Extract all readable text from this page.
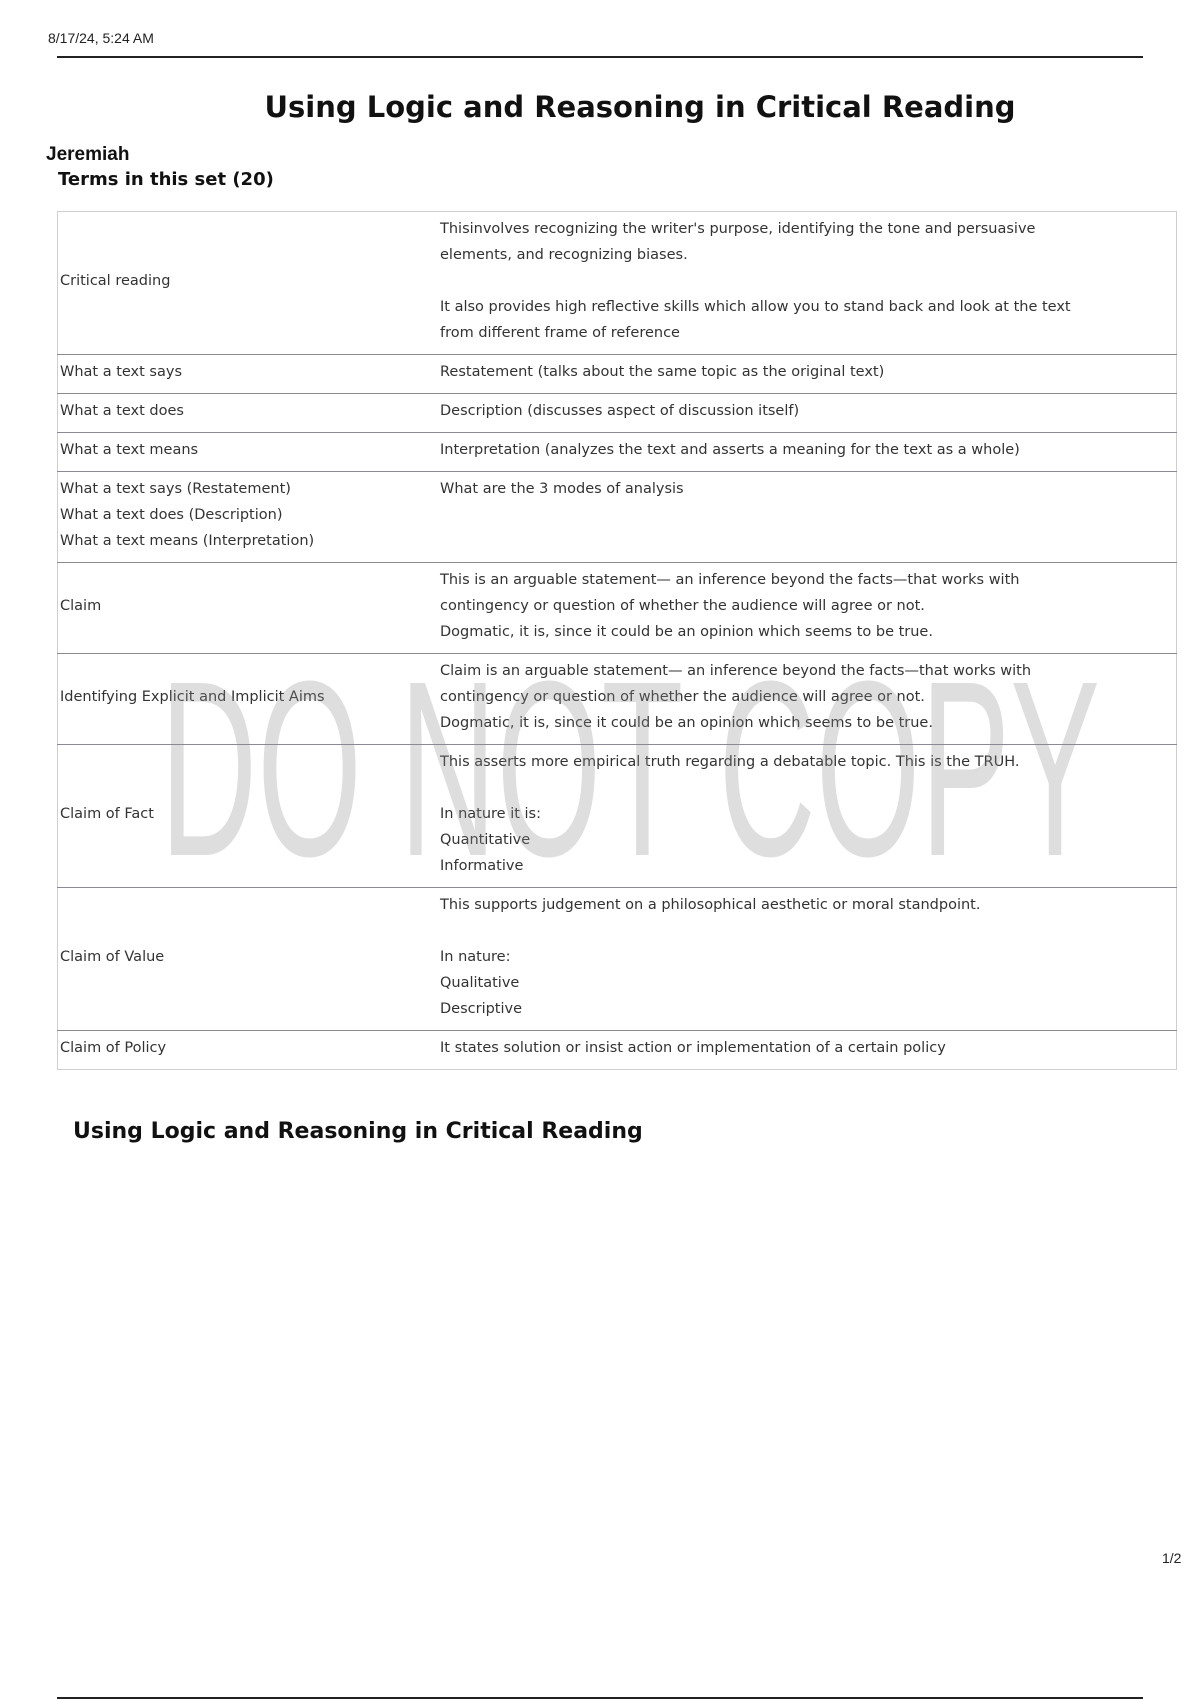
8/17/24, 5:24 AM
Using Logic and Reasoning in Critical Reading
Jeremiah
Terms in this set (20)
Critical reading	Thisinvolves recognizing the writer's purpose, identifying the tone and persuasive
elements, and recognizing biases.
It also provides high reflective skills which allow you to stand back and look at the text
from different frame of reference

What a text says	Restatement (talks about the same topic as the original text)

What a text does	Description (discusses aspect of discussion itself)

What a text means	Interpretation (analyzes the text and asserts a meaning for the text as a whole)

What a text says (Restatement)
What a text does (Description)
What a text means (Interpretation)	What are the 3 modes of analysis

Claim	This is an arguable statement— an inference beyond the facts—that works with
contingency or question of whether the audience will agree or not.
Dogmatic, it is, since it could be an opinion which seems to be true.

Identifying Explicit and Implicit Aims	Claim is an arguable statement— an inference beyond the facts—that works with
contingency or question of whether the audience will agree or not.
Dogmatic, it is, since it could be an opinion which seems to be true.

Claim of Fact	This asserts more empirical truth regarding a debatable topic. This is the TRUH.
In nature it is:
Quantitative
Informative

Claim of Value	This supports judgement on a philosophical aesthetic or moral standpoint.
In nature:
Qualitative
Descriptive

Claim of Policy	It states solution or insist action or implementation of a certain policy
DO NOT COPY
Using Logic and Reasoning in Critical Reading
1/2
